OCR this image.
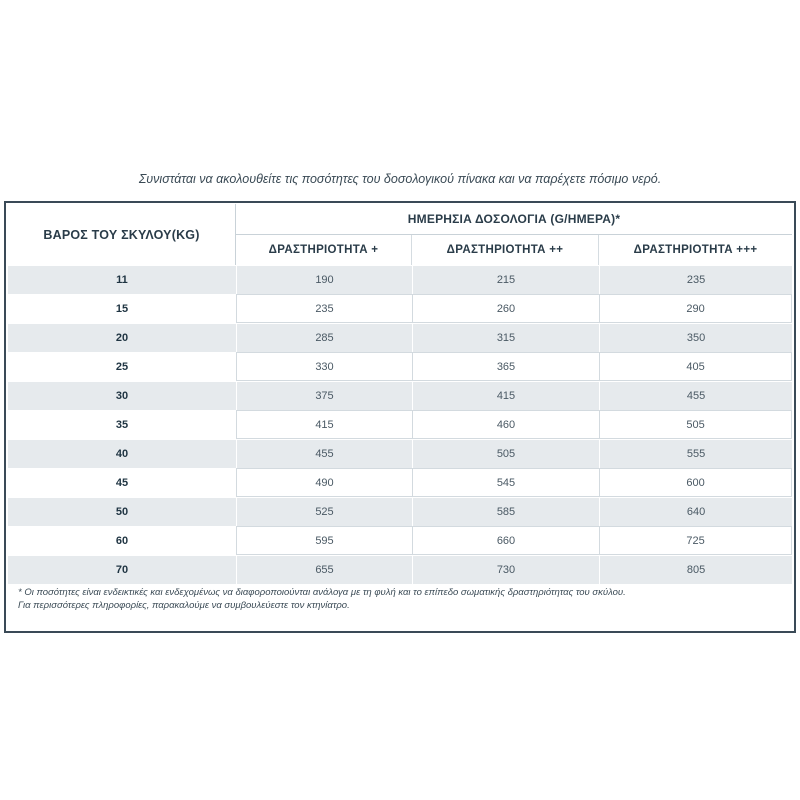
Συνιστάται να ακολουθείτε τις ποσότητες του δοσολογικού πίνακα και να παρέχετε πόσιμο νερό.
ΒΑΡΟΣ ΤΟΥ ΣΚΥΛΟΥ(KG)	ΗΜΕΡΗΣΙΑ ΔΟΣΟΛΟΓΙΑ (G/ΗΜΕΡΑ)*		
	ΔΡΑΣΤΗΡΙΟΤΗΤΑ +	ΔΡΑΣΤΗΡΙΟΤΗΤΑ ++	ΔΡΑΣΤΗΡΙΟΤΗΤΑ +++
11	190	215	235
15	235	260	290
20	285	315	350
25	330	365	405
30	375	415	455
35	415	460	505
40	455	505	555
45	490	545	600
50	525	585	640
60	595	660	725
70	655	730	805
* Οι ποσότητες είναι ενδεικτικές και ενδεχομένως να διαφοροποιούνται ανάλογα με τη φυλή και το επίπεδο σωματικής δραστηριότητας του σκύλου.
Για περισσότερες πληροφορίες, παρακαλούμε να συμβουλεύεστε τον κτηνίατρο.
